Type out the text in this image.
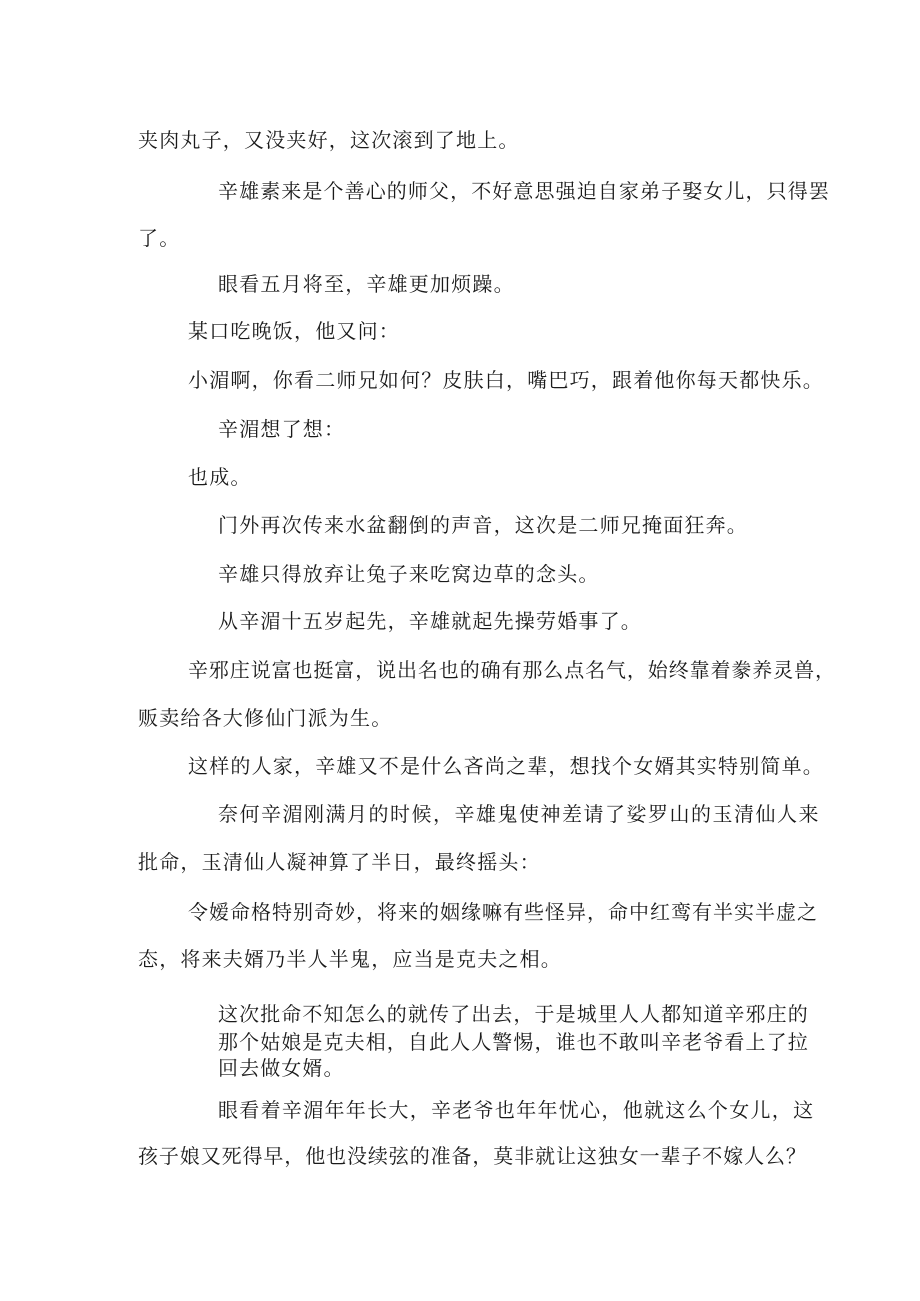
夹肉丸子，又没夹好，这次滚到了地上。
辛雄素来是个善心的师父，不好意思强迫自家弟子娶女儿，只得罢
了。
眼看五月将至，辛雄更加烦躁。
某口吃晚饭，他又问：
小湄啊，你看二师兄如何？皮肤白，嘴巴巧，跟着他你每天都快乐。
辛湄想了想：
也成。
门外再次传来水盆翻倒的声音，这次是二师兄掩面狂奔。
辛雄只得放弃让兔子来吃窝边草的念头。
从辛湄十五岁起先，辛雄就起先操劳婚事了。
辛邪庄说富也挺富，说出名也的确有那么点名气，始终靠着豢养灵兽，
贩卖给各大修仙门派为生。
这样的人家，辛雄又不是什么吝尚之辈，想找个女婿其实特别简单。
奈何辛湄刚满月的时候，辛雄鬼使神差请了娑罗山的玉清仙人来
批命，玉清仙人凝神算了半日，最终摇头：
令嫒命格特别奇妙，将来的姻缘嘛有些怪异，命中红鸾有半实半虚之
态，将来夫婿乃半人半鬼，应当是克夫之相。
这次批命不知怎么的就传了出去，于是城里人人都知道辛邪庄的
那个姑娘是克夫相，自此人人警惕，谁也不敢叫辛老爷看上了拉
回去做女婿。
眼看着辛湄年年长大，辛老爷也年年忧心，他就这么个女儿，这
孩子娘又死得早，他也没续弦的准备，莫非就让这独女一辈子不嫁人么？
